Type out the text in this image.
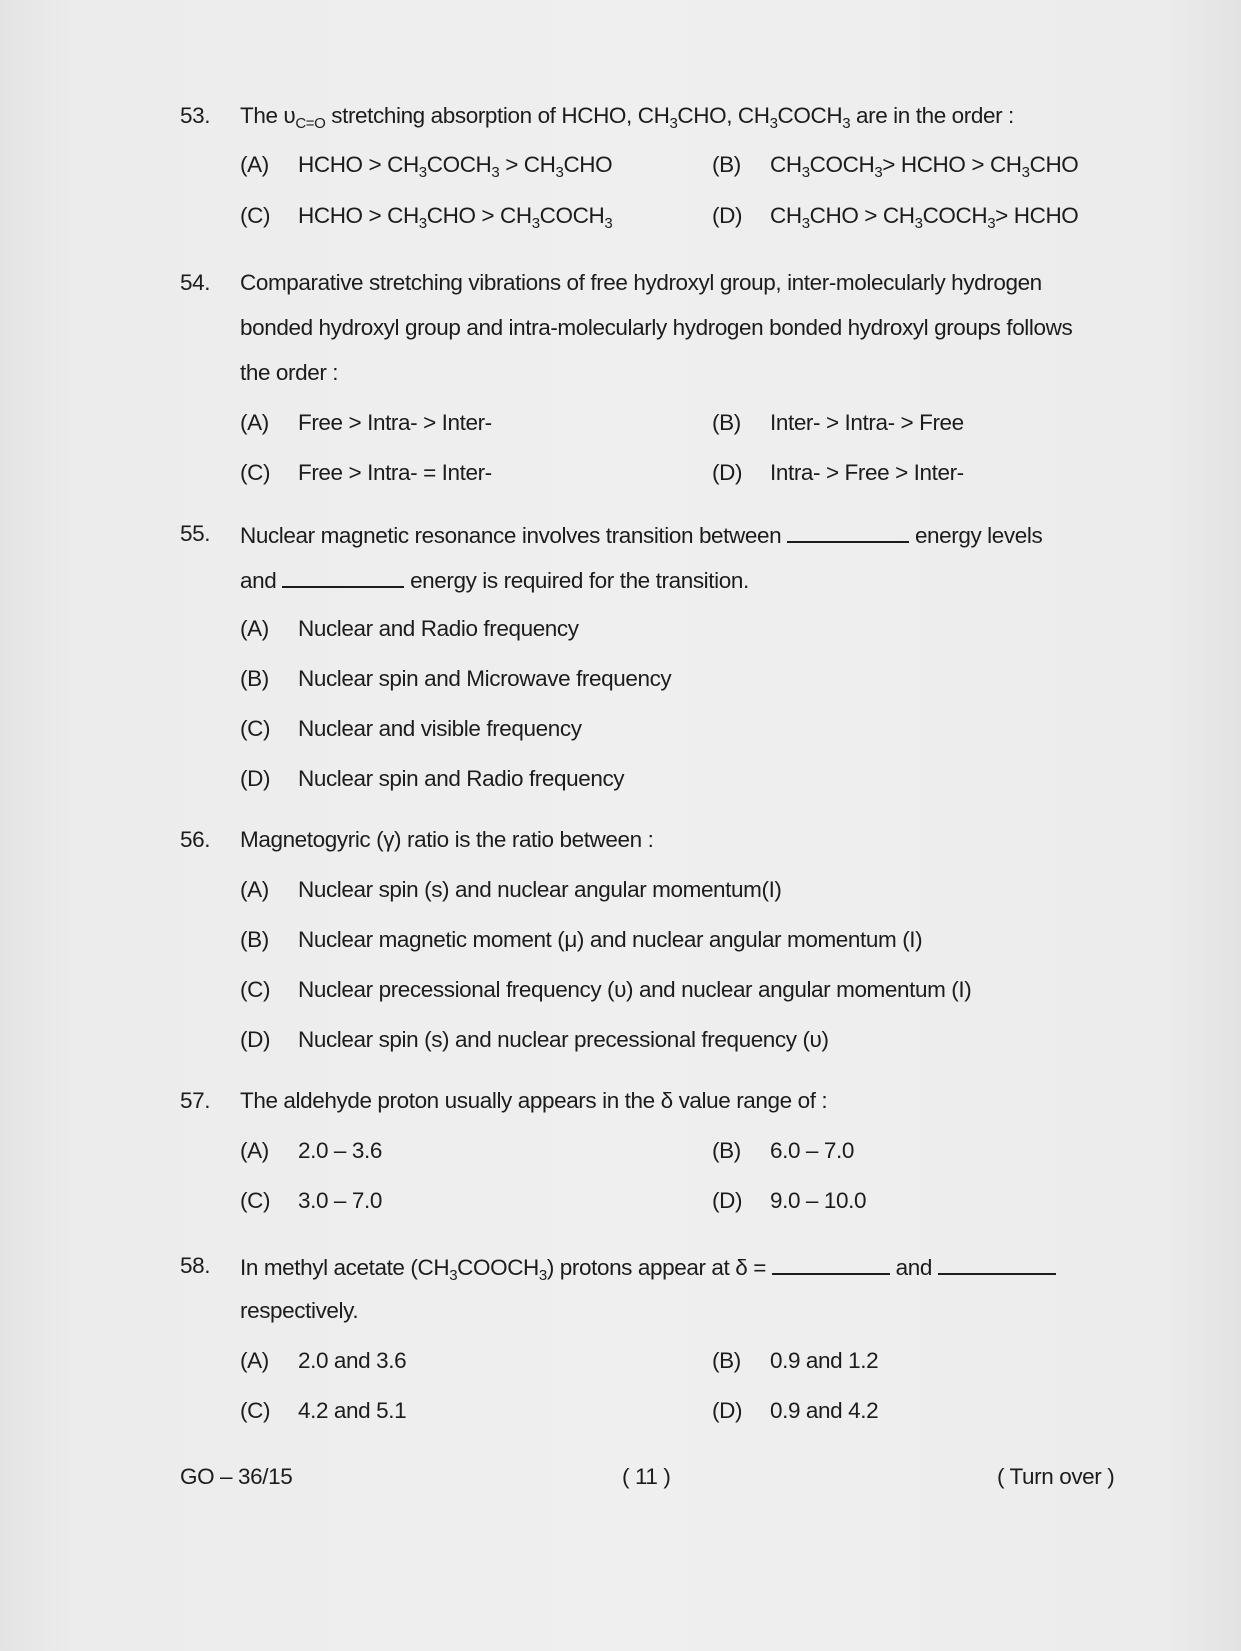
53. The $\upsilon_{C=O}$ stretching absorption of HCHO, $CH_3CHO$, $CH_3COCH_3$ are in the order :
(A) HCHO > $CH_3COCH_3 > CH_3CHO$	(B) $CH_3COCH_3>$ HCHO > $CH_3CHO$
(C) HCHO > $CH_3CHO$ > $CH_3COCH_3$	(D) $CH_3CHO$ > $CH_3COCH_3>$ HCHO
54. Comparative stretching vibrations of free hydroxyl group, inter-molecularly hydrogen
bonded hydroxyl group and intra-molecularly hydrogen bonded hydroxyl groups follows
the order :
(A) Free > Intra- > Inter-	(B) Inter- > Intra- > Free
(C) Free > Intra- = Inter-	(D) Intra- > Free > Inter-
55. Nuclear magnetic resonance involves transition between	energy levels
and	energy is required for the transition.
(A) Nuclear and Radio frequency
(B) Nuclear spin and Microwave frequency
(C) Nuclear and visible frequency
(D) Nuclear spin and Radio frequency
56. Magnetogyric (γ) ratio is the ratio between :
(A) Nuclear spin (s) and nuclear angular momentum(I)
(B) Nuclear magnetic moment (μ) and nuclear angular momentum (I)
(C) Nuclear precessional frequency (υ) and nuclear angular momentum (I)
(D) Nuclear spin (s) and nuclear precessional frequency (υ)
57. The aldehyde proton usually appears in the δ value range of :
(A) 2.0 – 3.6	(B) 6.0 – 7.0
(C) 3.0 – 7.0	(D) 9.0 – 10.0
58. In methyl acetate $(CH_3COOCH_3)$ protons appear at δ =	and
respectively.
(A) 2.0 and 3.6	(B) 0.9 and 1.2
(C) 4.2 and 5.1	(D) 0.9 and 4.2
GO – 36/15	( 11 )	( Turn over )
